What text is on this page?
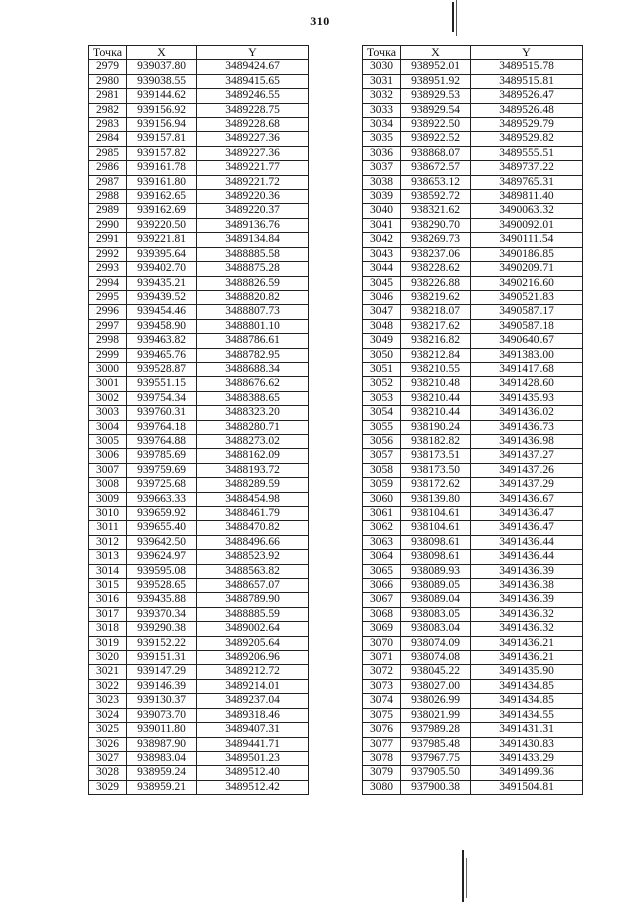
310
Точка	X	Y
2979	939037.80	3489424.67
2980	939038.55	3489415.65
2981	939144.62	3489246.55
2982	939156.92	3489228.75
2983	939156.94	3489228.68
2984	939157.81	3489227.36
2985	939157.82	3489227.36
2986	939161.78	3489221.77
2987	939161.80	3489221.72
2988	939162.65	3489220.36
2989	939162.69	3489220.37
2990	939220.50	3489136.76
2991	939221.81	3489134.84
2992	939395.64	3488885.58
2993	939402.70	3488875.28
2994	939435.21	3488826.59
2995	939439.52	3488820.82
2996	939454.46	3488807.73
2997	939458.90	3488801.10
2998	939463.82	3488786.61
2999	939465.76	3488782.95
3000	939528.87	3488688.34
3001	939551.15	3488676.62
3002	939754.34	3488388.65
3003	939760.31	3488323.20
3004	939764.18	3488280.71
3005	939764.88	3488273.02
3006	939785.69	3488162.09
3007	939759.69	3488193.72
3008	939725.68	3488289.59
3009	939663.33	3488454.98
3010	939659.92	3488461.79
3011	939655.40	3488470.82
3012	939642.50	3488496.66
3013	939624.97	3488523.92
3014	939595.08	3488563.82
3015	939528.65	3488657.07
3016	939435.88	3488789.90
3017	939370.34	3488885.59
3018	939290.38	3489002.64
3019	939152.22	3489205.64
3020	939151.31	3489206.96
3021	939147.29	3489212.72
3022	939146.39	3489214.01
3023	939130.37	3489237.04
3024	939073.70	3489318.46
3025	939011.80	3489407.31
3026	938987.90	3489441.71
3027	938983.04	3489501.23
3028	938959.24	3489512.40
3029	938959.21	3489512.42
Точка	X	Y
3030	938952.01	3489515.78
3031	938951.92	3489515.81
3032	938929.53	3489526.47
3033	938929.54	3489526.48
3034	938922.50	3489529.79
3035	938922.52	3489529.82
3036	938868.07	3489555.51
3037	938672.57	3489737.22
3038	938653.12	3489765.31
3039	938592.72	3489811.40
3040	938321.62	3490063.32
3041	938290.70	3490092.01
3042	938269.73	3490111.54
3043	938237.06	3490186.85
3044	938228.62	3490209.71
3045	938226.88	3490216.60
3046	938219.62	3490521.83
3047	938218.07	3490587.17
3048	938217.62	3490587.18
3049	938216.82	3490640.67
3050	938212.84	3491383.00
3051	938210.55	3491417.68
3052	938210.48	3491428.60
3053	938210.44	3491435.93
3054	938210.44	3491436.02
3055	938190.24	3491436.73
3056	938182.82	3491436.98
3057	938173.51	3491437.27
3058	938173.50	3491437.26
3059	938172.62	3491437.29
3060	938139.80	3491436.67
3061	938104.61	3491436.47
3062	938104.61	3491436.47
3063	938098.61	3491436.44
3064	938098.61	3491436.44
3065	938089.93	3491436.39
3066	938089.05	3491436.38
3067	938089.04	3491436.39
3068	938083.05	3491436.32
3069	938083.04	3491436.32
3070	938074.09	3491436.21
3071	938074.08	3491436.21
3072	938045.22	3491435.90
3073	938027.00	3491434.85
3074	938026.99	3491434.85
3075	938021.99	3491434.55
3076	937989.28	3491431.31
3077	937985.48	3491430.83
3078	937967.75	3491433.29
3079	937905.50	3491499.36
3080	937900.38	3491504.81
